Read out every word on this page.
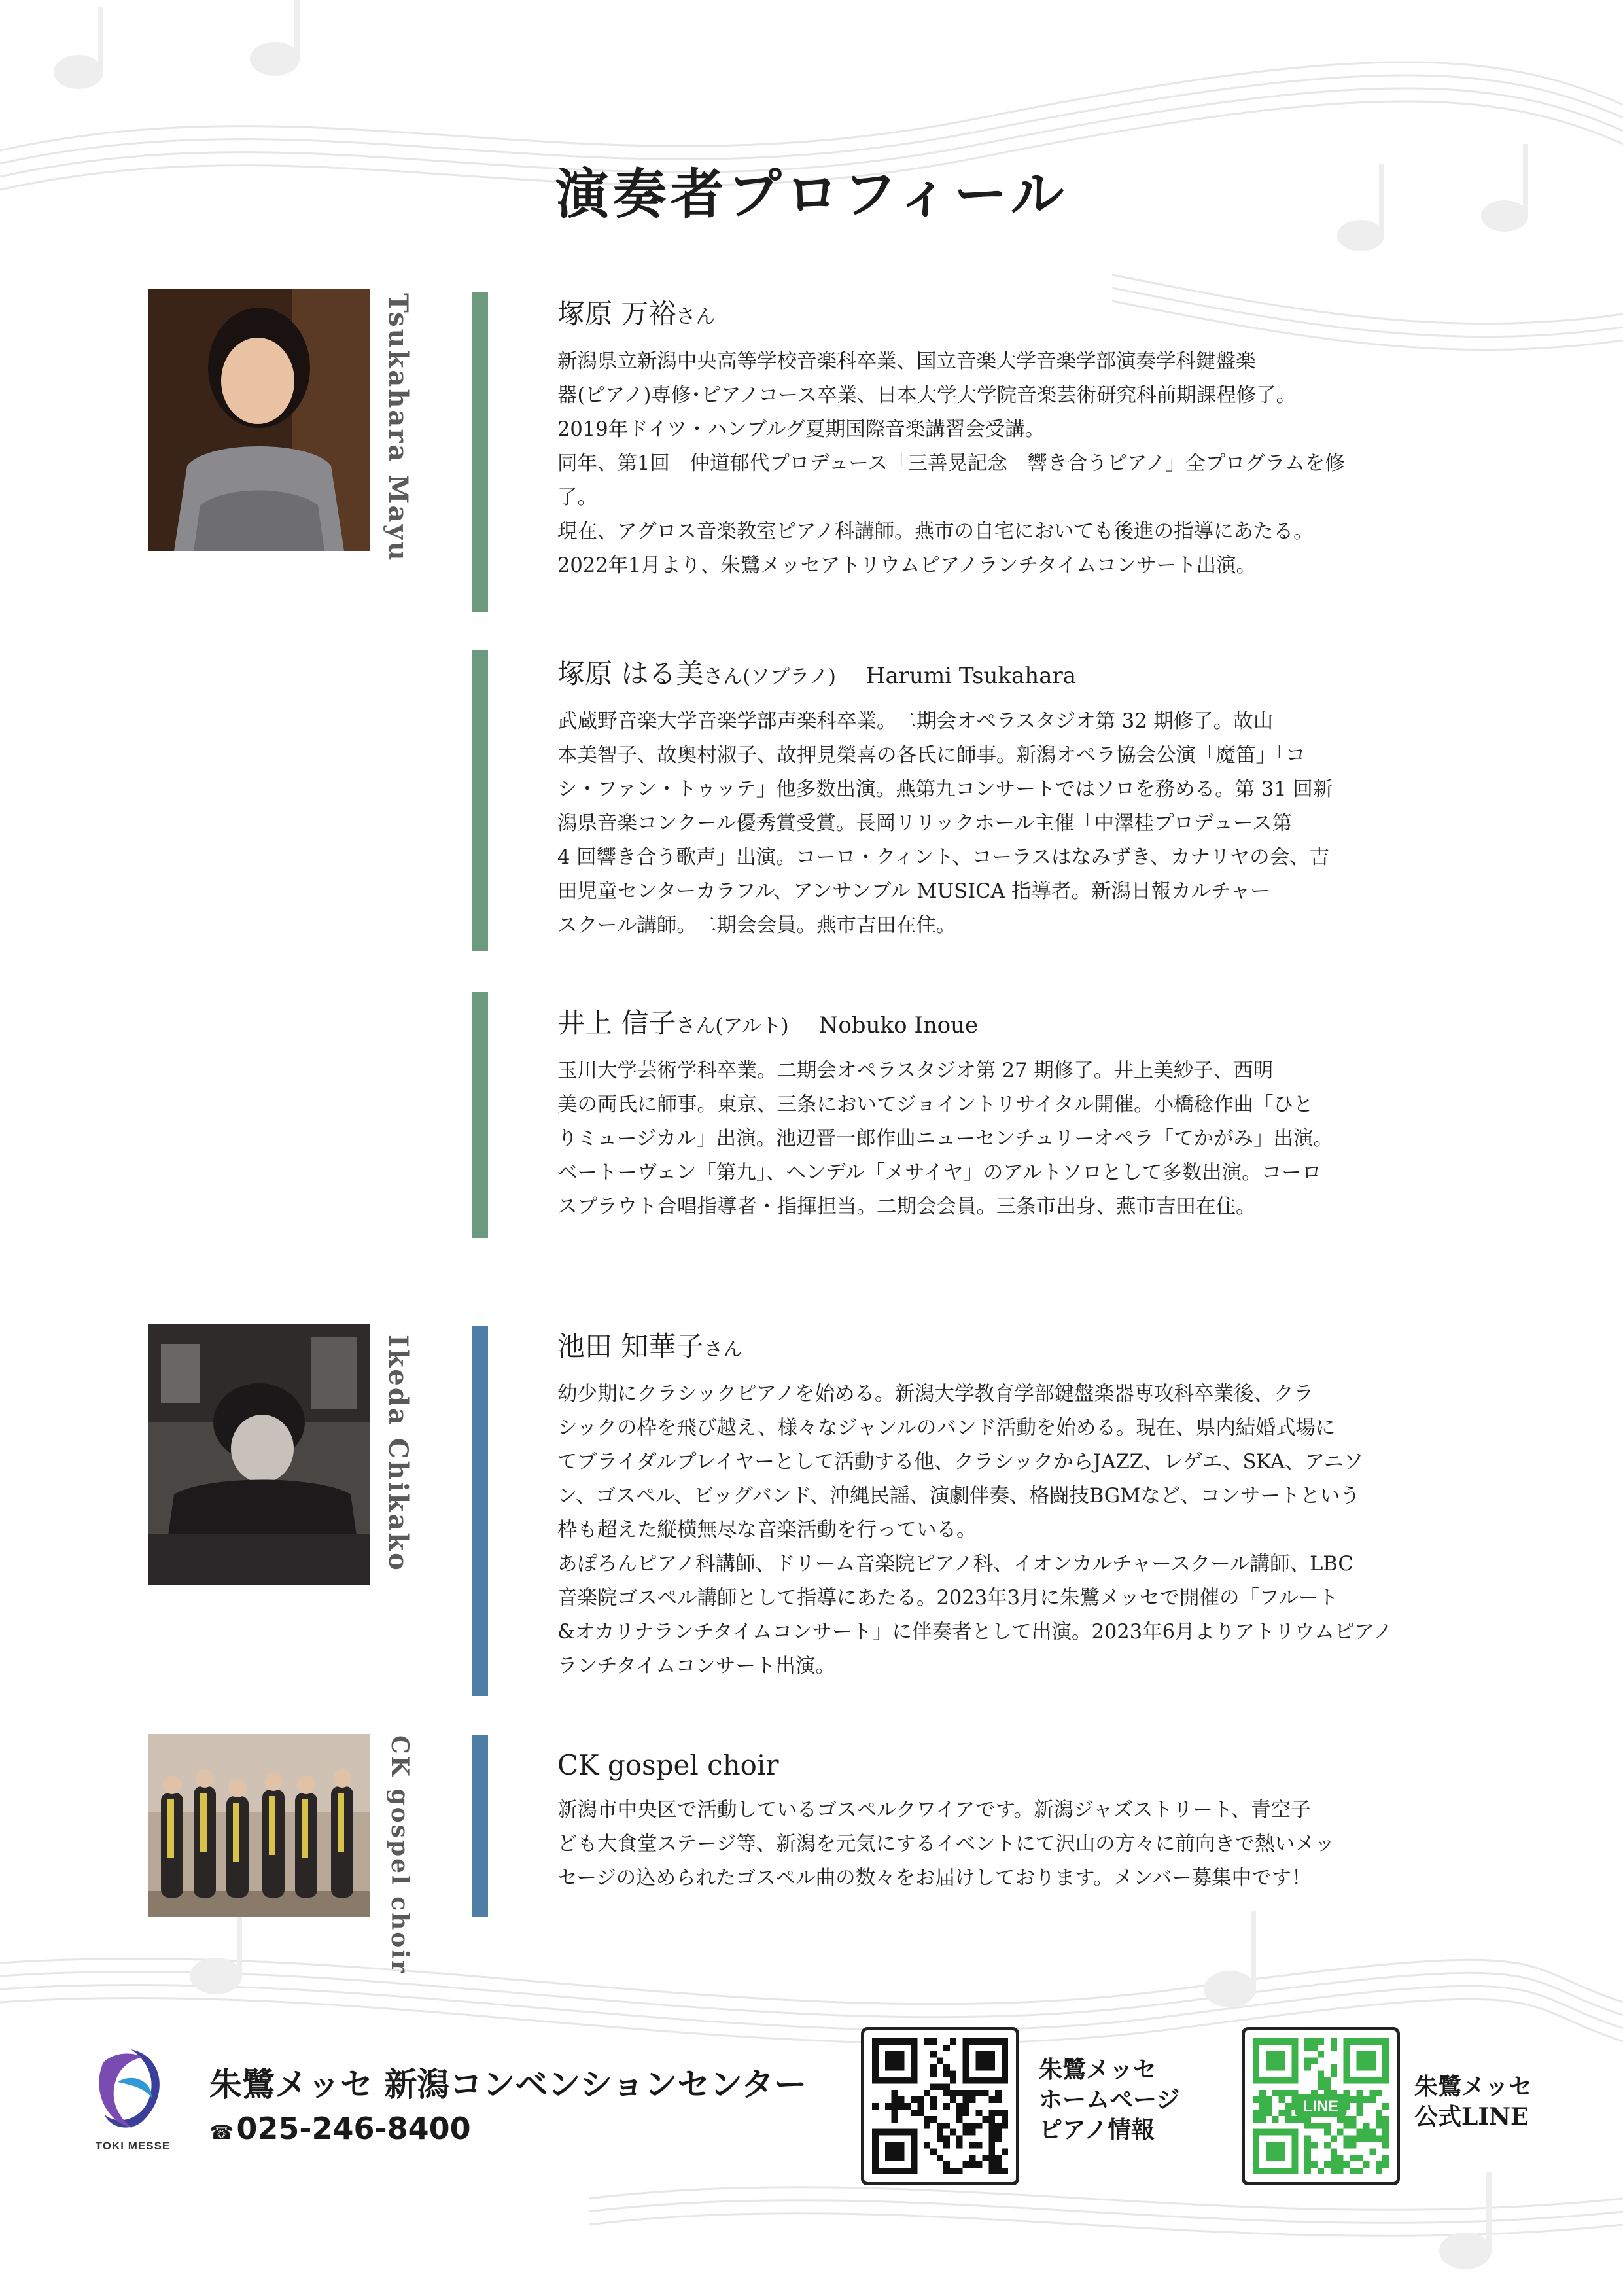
演奏者プロフィール
Tsukahara Mayu	塚原 万裕さん
新潟県立新潟中央高等学校音楽科卒業、国立音楽大学音楽学部演奏学科鍵盤楽
器(ピアノ)専修･ピアノコース卒業、日本大学大学院音楽芸術研究科前期課程修了。
2019年ドイツ・ハンブルグ夏期国際音楽講習会受講。
同年、第1回　仲道郁代プロデュース「三善晃記念　響き合うピアノ」全プログラムを修
了。
現在、アグロス音楽教室ピアノ科講師。燕市の自宅においても後進の指導にあたる。
2022年1月より、朱鷺メッセアトリウムピアノランチタイムコンサート出演。
塚原 はる美さん(ソプラノ) Harumi Tsukahara
武蔵野音楽大学音楽学部声楽科卒業。二期会オペラスタジオ第 32 期修了。故山
本美智子、故奥村淑子、故押見榮喜の各氏に師事。新潟オペラ協会公演「魔笛」「コ
シ・ファン・トゥッテ」他多数出演。燕第九コンサートではソロを務める。第 31 回新
潟県音楽コンクール優秀賞受賞。長岡リリックホール主催「中澤桂プロデュース第
4 回響き合う歌声」出演。コーロ・クィント、コーラスはなみずき、カナリヤの会、吉
田児童センターカラフル、アンサンブル MUSICA 指導者。新潟日報カルチャー
スクール講師。二期会会員。燕市吉田在住。
井上 信子さん(アルト) Nobuko Inoue
玉川大学芸術学科卒業。二期会オペラスタジオ第 27 期修了。井上美紗子、西明
美の両氏に師事。東京、三条においてジョイントリサイタル開催。小橋稔作曲「ひと
りミュージカル」出演。池辺晋一郎作曲ニューセンチュリーオペラ「てかがみ」出演。
ベートーヴェン「第九」、ヘンデル「メサイヤ」のアルトソロとして多数出演。コーロ
スプラウト合唱指導者・指揮担当。二期会会員。三条市出身、燕市吉田在住。
Ikeda Chikako	池田 知華子さん
幼少期にクラシックピアノを始める。新潟大学教育学部鍵盤楽器専攻科卒業後、クラ
シックの枠を飛び越え、様々なジャンルのバンド活動を始める。現在、県内結婚式場に
てブライダルプレイヤーとして活動する他、クラシックからJAZZ、レゲエ、SKA、アニソ
ン、ゴスペル、ビッグバンド、沖縄民謡、演劇伴奏、格闘技BGMなど、コンサートという
枠も超えた縦横無尽な音楽活動を行っている。
あぽろんピアノ科講師、ドリーム音楽院ピアノ科、イオンカルチャースクール講師、LBC
音楽院ゴスペル講師として指導にあたる。2023年3月に朱鷺メッセで開催の「フルート
&オカリナランチタイムコンサート」に伴奏者として出演。2023年6月よりアトリウムピアノ
ランチタイムコンサート出演。
CK gospel choir	CK gospel choir
新潟市中央区で活動しているゴスペルクワイアです。新潟ジャズストリート、青空子
ども大食堂ステージ等、新潟を元気にするイベントにて沢山の方々に前向きで熱いメッ
セージの込められたゴスペル曲の数々をお届けしております。メンバー募集中です！
TOKI MESSE
朱鷺メッセ 新潟コンベンションセンター
☎025-246-8400
朱鷺メッセ
ホームページ
ピアノ情報
LINE
朱鷺メッセ
公式LINE
